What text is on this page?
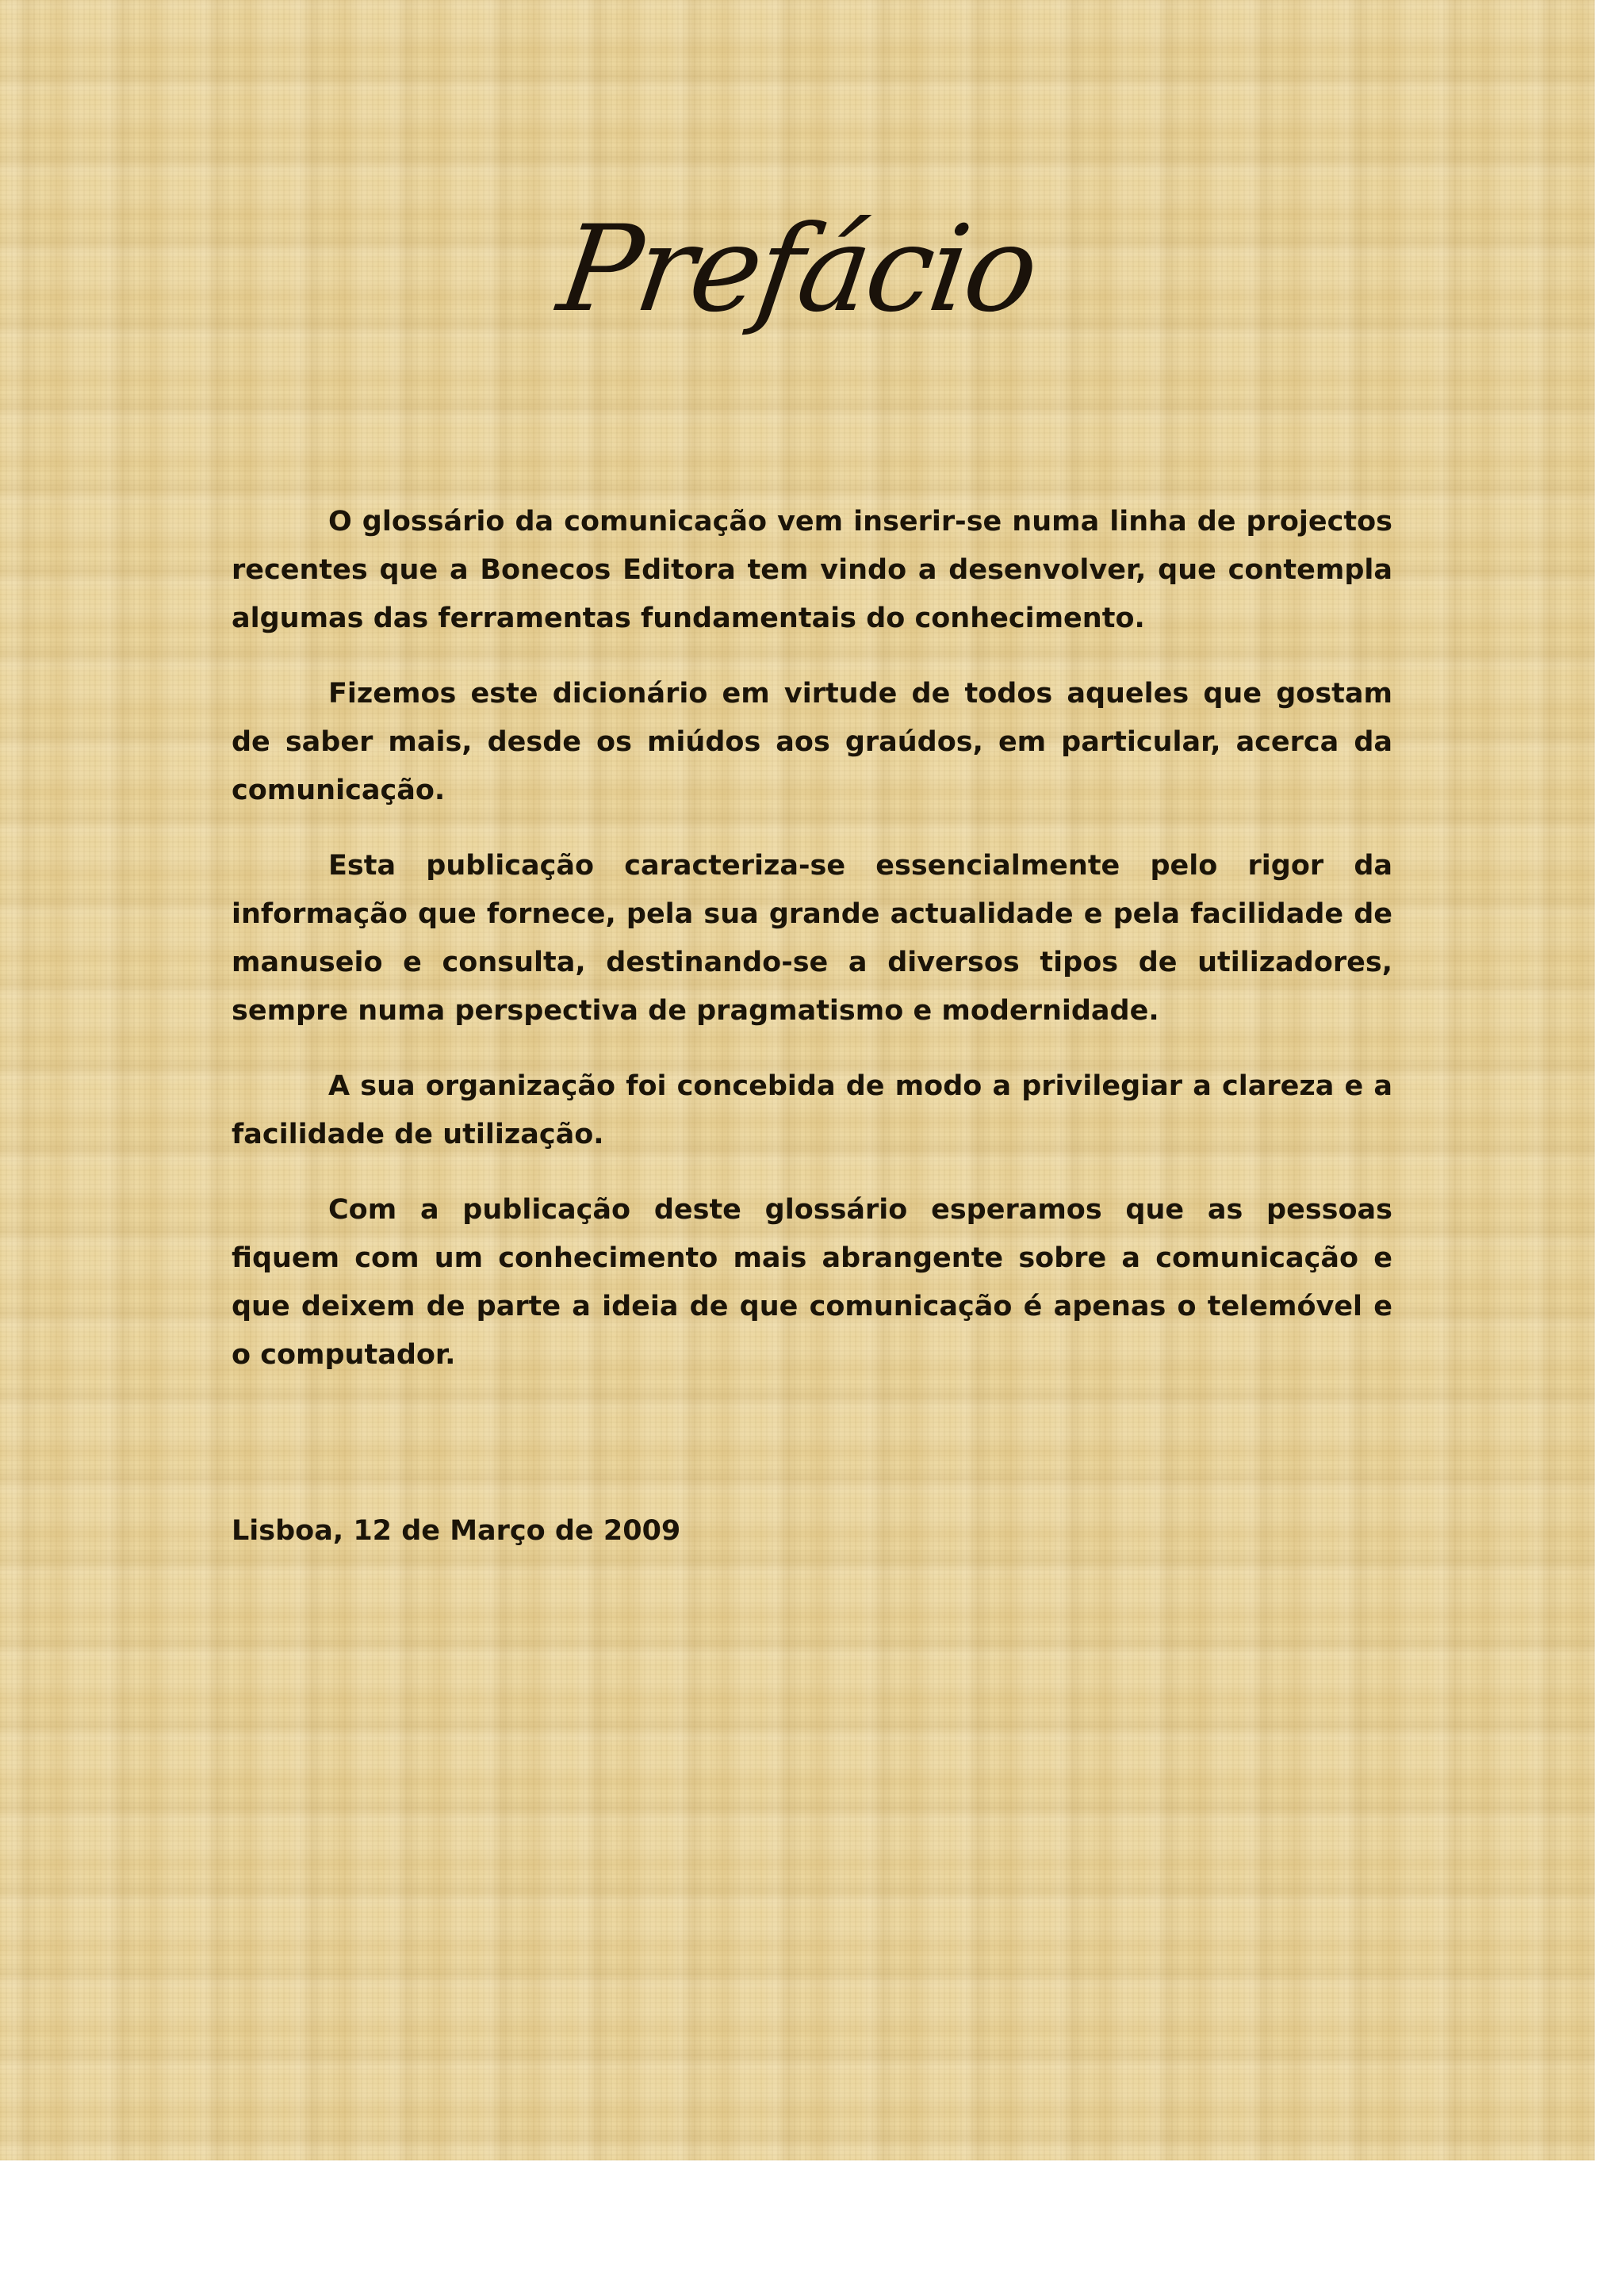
Prefácio

O glossário da comunicação vem inserir-se numa linha de projectos recentes que a Bonecos Editora tem vindo a desenvolver, que contempla algumas das ferramentas fundamentais do conhecimento.

Fizemos este dicionário em virtude de todos aqueles que gostam de saber mais, desde os miúdos aos graúdos, em particular, acerca da comunicação.

Esta publicação caracteriza-se essencialmente pelo rigor da informação que fornece, pela sua grande actualidade e pela facilidade de manuseio e consulta, destinando-se a diversos tipos de utilizadores, sempre numa perspectiva de pragmatismo e modernidade.

A sua organização foi concebida de modo a privilegiar a clareza e a facilidade de utilização.

Com a publicação deste glossário esperamos que as pessoas fiquem com um conhecimento mais abrangente sobre a comunicação e que deixem de parte a ideia de que comunicação é apenas o telemóvel e o computador.

Lisboa, 12 de Março de 2009
